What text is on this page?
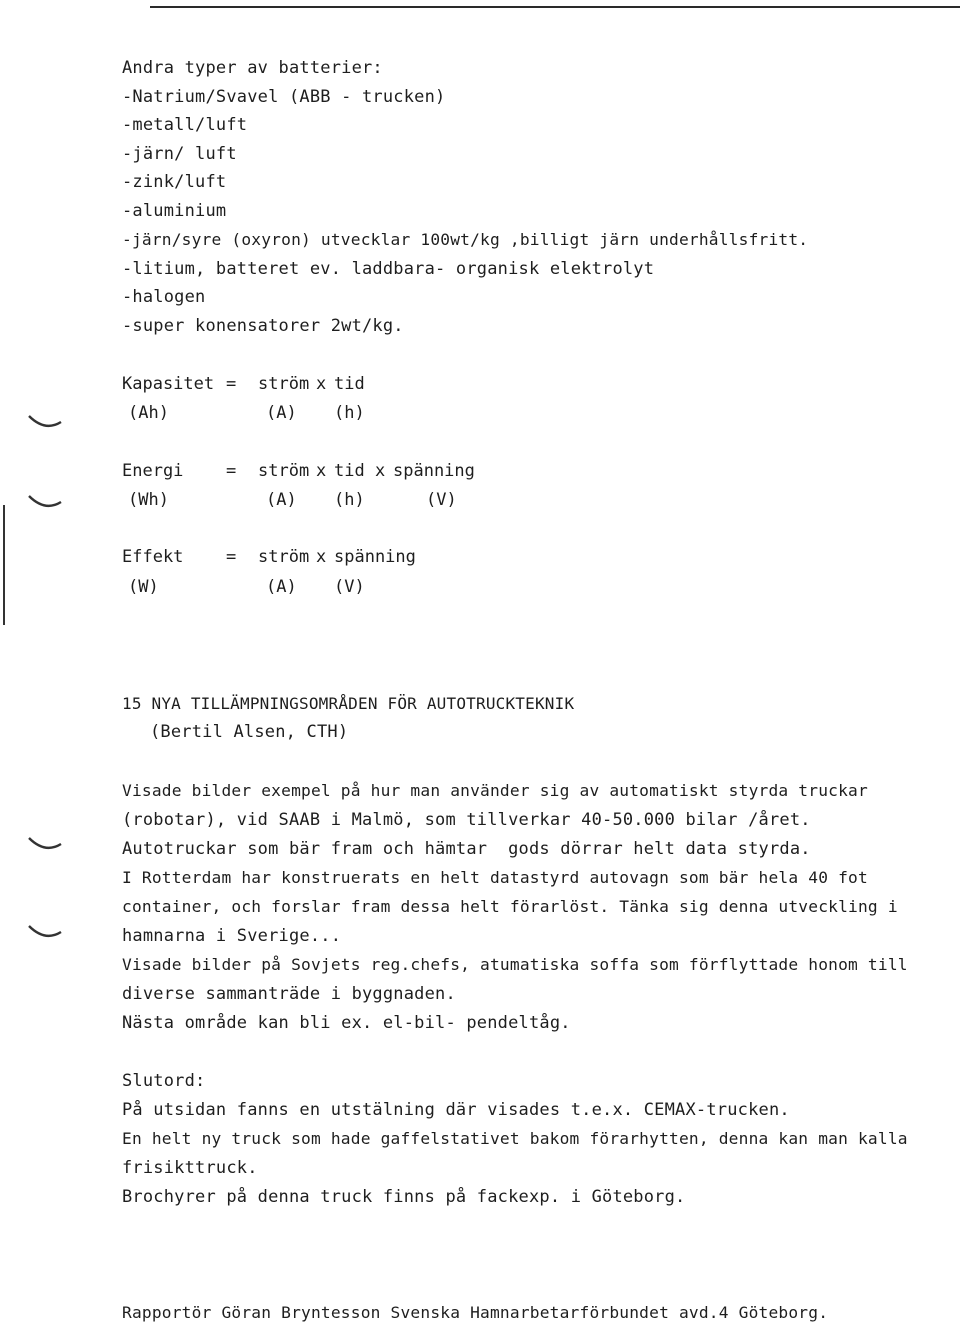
Andra typer av batterier:
-Natrium/Svavel (ABB - trucken)
-metall/luft
-järn/ luft
-zink/luft
-aluminium
-järn/syre (oxyron) utvecklar 100wt/kg ,billigt järn underhållsfritt.
-litium, batteret ev. laddbara- organisk elektrolyt
-halogen
-super konensatorer 2wt/kg.
Kapasitet = ström x tid
(Ah)	(A) (h)
Energi	= ström x tid x spänning
(Wh)	(A) (h)	(V)
Effekt	= ström x spänning
(W)	(A) (V)
15 NYA TILLÄMPNINGSOMRÅDEN FÖR AUTOTRUCKTEKNIK
(Bertil Alsen, CTH)
Visade bilder exempel på hur man använder sig av automatiskt styrda truckar
(robotar), vid SAAB i Malmö, som tillverkar 40-50.000 bilar /året.
Autotruckar som bär fram och hämtar  gods dörrar helt data styrda.
I Rotterdam har konstruerats en helt datastyrd autovagn som bär hela 40 fot
container, och forslar fram dessa helt förarlöst. Tänka sig denna utveckling i
hamnarna i Sverige...
Visade bilder på Sovjets reg.chefs, atumatiska soffa som förflyttade honom till
diverse sammanträde i byggnaden.
Nästa område kan bli ex. el-bil- pendeltåg.
Slutord:
På utsidan fanns en utstälning där visades t.e.x. CEMAX-trucken.
En helt ny truck som hade gaffelstativet bakom förarhytten, denna kan man kalla
frisikttruck.
Brochyrer på denna truck finns på fackexp. i Göteborg.
Rapportör Göran Bryntesson Svenska Hamnarbetarförbundet avd.4 Göteborg.
